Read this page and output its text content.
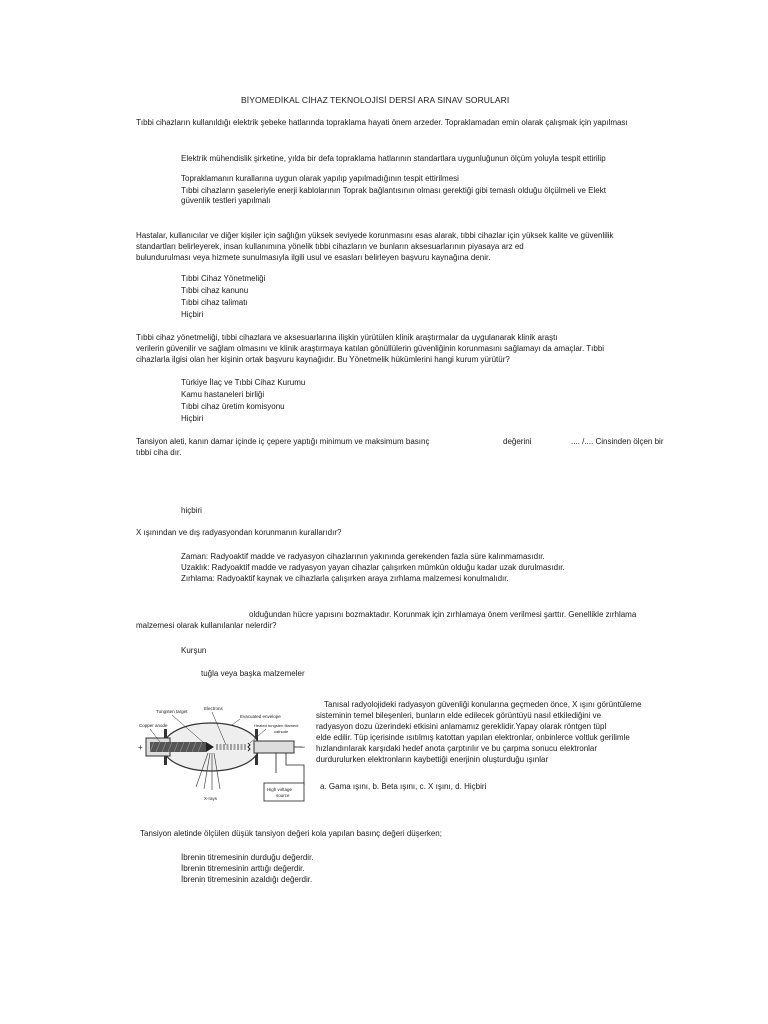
BİYOMEDİKAL CİHAZ TEKNOLOJİSİ DERSİ ARA SINAV SORULARI
Tıbbi cihazların kullanıldığı elektrik şebeke hatlarında topraklama hayati önem arzeder. Topraklamadan emin olarak çalışmak için yapılması
Elektrik mühendislik şirketine, yılda bir defa topraklama hatlarının standartlara uygunluğunun ölçüm yoluyla tespit ettirilip
Topraklamanın kurallarına uygun olarak yapılıp yapılmadığının tespit ettirilmesi
Tıbbi cihazların şaseleriyle enerji kablolarının Toprak bağlantısının olması gerektiği gibi temaslı olduğu ölçülmeli ve Elekt
güvenlik testleri yapılmalı
Hastalar, kullanıcılar ve diğer kişiler için sağlığın yüksek seviyede korunmasını esas alarak, tıbbi cihazlar için yüksek kalite ve güvenlilik
standartları belirleyerek, insan kullanımına yönelik tıbbi cihazların ve bunların aksesuarlarının piyasaya arz ed
bulundurulması veya hizmete sunulmasıyla ilgili usul ve esasları belirleyen başvuru kaynağına denir.
Tıbbi Cihaz Yönetmeliği
Tıbbi cihaz kanunu
Tıbbi cihaz talimatı
Hiçbiri
Tıbbi cihaz yönetmeliği, tıbbi cihazlara ve aksesuarlarına ilişkin yürütülen klinik araştırmalar da uygulanarak klinik araştı
verilerin güvenilir ve sağlam olmasını ve klinik araştırmaya katılan gönüllülerin güvenliğinin korunmasını sağlamayı da amaçlar. Tıbbi
cihazlarla ilgisi olan her kişinin ortak başvuru kaynağıdır. Bu Yönetmelik hükümlerini hangi kurum yürütür?
Türkiye İlaç ve Tıbbi Cihaz Kurumu
Kamu hastaneleri birliği
Tıbbi cihaz üretim komisyonu
Hiçbiri
Tansiyon aleti, kanın damar içinde iç çepere yaptığı minimum ve maksimum basınç	değerini	.... /.... Cinsinden ölçen bir
tıbbi ciha dır.
hiçbiri
X ışınından ve dış radyasyondan korunmanın kurallarıdır?
Zaman: Radyoaktif madde ve radyasyon cihazlarının yakınında gerekenden fazla süre kalınmamasıdır.
Uzaklık: Radyoaktif madde ve radyasyon yayan cihazlar çalışırken mümkün olduğu kadar uzak durulmasıdır.
Zırhlama: Radyoaktif kaynak ve cihazlarla çalışırken araya zırhlama malzemesi konulmalıdır.
olduğundan hücre yapısını bozmaktadır. Korunmak için zırhlamaya önem verilmesi şarttır. Genellikle zırhlama
malzemesi olarak kullanılanlar nelerdir?
Kurşun
tuğla veya başka malzemeler
+	−
High voltage
source
Tungsten target
Electrons
Evacuated envelope
Heated tungsten filament
cathode
Copper anode
X-rays
Tanısal radyolojideki radyasyon güvenliği konularına geçmeden önce, X ışını görüntüleme
sisteminin temel bileşenleri, bunların elde edilecek görüntüyü nasıl etkilediğini ve
radyasyon dozu üzerindeki etkisini anlamamız gereklidir.Yapay olarak röntgen tüpl
elde edilir. Tüp içerisinde ısıtılmış katottan yapılan elektronlar, onbinlerce voltluk gerilimle
hızlandırılarak karşıdaki hedef anota çarptırılır ve bu çarpma sonucu elektronlar
durdurulurken elektronların kaybettiği enerjinin oluşturduğu ışınlar
a. Gama ışını, b. Beta ışını, c. X ışını, d. Hiçbiri
Tansiyon aletinde ölçülen düşük tansiyon değeri kola yapılan basınç değeri düşerken;
İbrenin titremesinin durduğu değerdir.
İbrenin titremesinin arttığı değerdir.
İbrenin titremesinin azaldığı değerdir.
